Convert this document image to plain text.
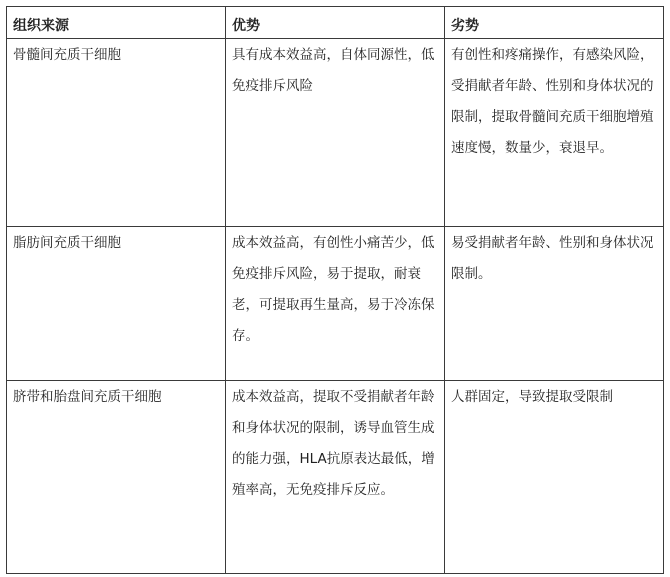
组织来源	优势	劣势
骨髓间充质干细胞	具有成本效益高，自体同源性，低免疫排斥风险	有创性和疼痛操作，有感染风险，受捐献者年龄、性别和身体状况的限制，提取骨髓间充质干细胞增殖速度慢，数量少，衰退早。
脂肪间充质干细胞	成本效益高，有创性小痛苦少，低免疫排斥风险，易于提取，耐衰老，可提取再生量高，易于冷冻保存。	易受捐献者年龄、性别和身体状况限制。
脐带和胎盘间充质干细胞	成本效益高，提取不受捐献者年龄和身体状况的限制，诱导血管生成的能力强，HLA抗原表达最低，增殖率高，无免疫排斥反应。	人群固定，导致提取受限制
